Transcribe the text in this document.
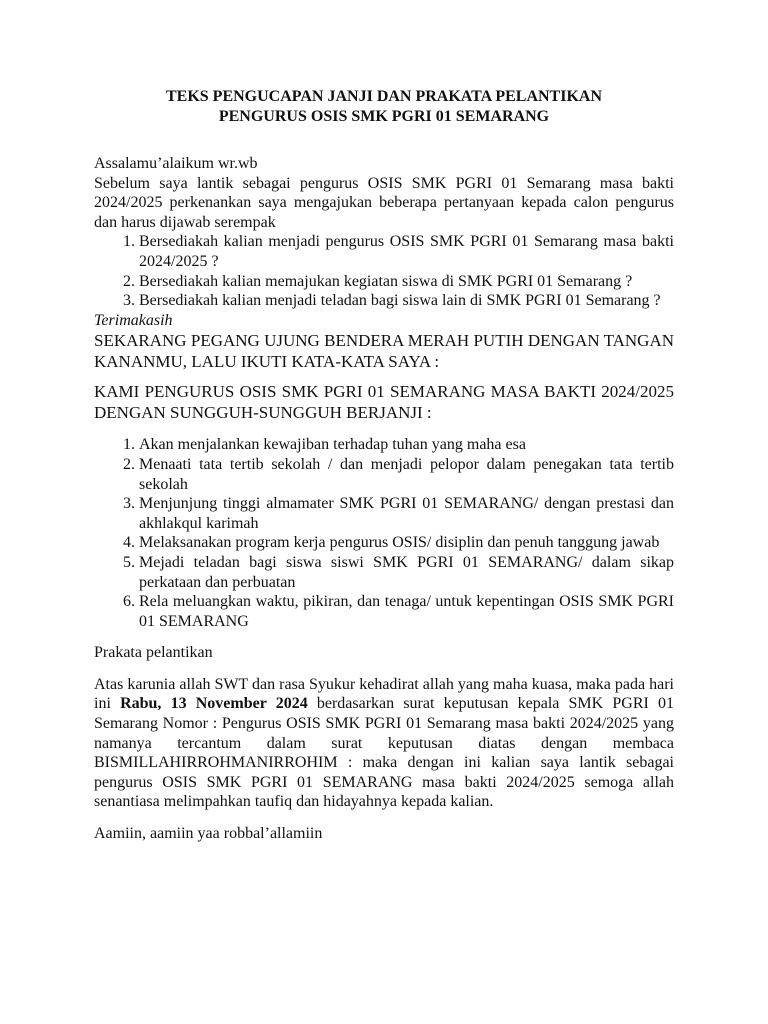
TEKS PENGUCAPAN JANJI DAN PRAKATA PELANTIKAN
PENGURUS OSIS SMK PGRI 01 SEMARANG

Assalamu’alaikum wr.wb

Sebelum saya lantik sebagai pengurus OSIS SMK PGRI 01 Semarang masa bakti 2024/2025 perkenankan saya mengajukan beberapa pertanyaan kepada calon pengurus dan harus dijawab serempak

1. Bersediakah kalian menjadi pengurus OSIS SMK PGRI 01 Semarang masa bakti 2024/2025 ?
2. Bersediakah kalian memajukan kegiatan siswa di SMK PGRI 01 Semarang ?
3. Bersediakah kalian menjadi teladan bagi siswa lain di SMK PGRI 01 Semarang ?

Terimakasih

SEKARANG PEGANG UJUNG BENDERA MERAH PUTIH DENGAN TANGAN KANANMU, LALU IKUTI KATA-KATA SAYA :

KAMI PENGURUS OSIS SMK PGRI 01 SEMARANG MASA BAKTI 2024/2025 DENGAN SUNGGUH-SUNGGUH BERJANJI :

1. Akan menjalankan kewajiban terhadap tuhan yang maha esa
2. Menaati tata tertib sekolah / dan menjadi pelopor dalam penegakan tata tertib sekolah
3. Menjunjung tinggi almamater SMK PGRI 01 SEMARANG/ dengan prestasi dan akhlakqul karimah
4. Melaksanakan program kerja pengurus OSIS/ disiplin dan penuh tanggung jawab
5. Mejadi teladan bagi siswa siswi SMK PGRI 01 SEMARANG/ dalam sikap perkataan dan perbuatan
6. Rela meluangkan waktu, pikiran, dan tenaga/ untuk kepentingan OSIS SMK PGRI 01 SEMARANG

Prakata pelantikan

Atas karunia allah SWT dan rasa Syukur kehadirat allah yang maha kuasa, maka pada hari ini Rabu, 13 November 2024 berdasarkan surat keputusan kepala SMK PGRI 01 Semarang Nomor : Pengurus OSIS SMK PGRI 01 Semarang masa bakti 2024/2025 yang namanya tercantum dalam surat keputusan diatas dengan membaca BISMILLAHIRROHMANIRROHIM : maka dengan ini kalian saya lantik sebagai pengurus OSIS SMK PGRI 01 SEMARANG masa bakti 2024/2025 semoga allah senantiasa melimpahkan taufiq dan hidayahnya kepada kalian.

Aamiin, aamiin yaa robbal’allamiin
